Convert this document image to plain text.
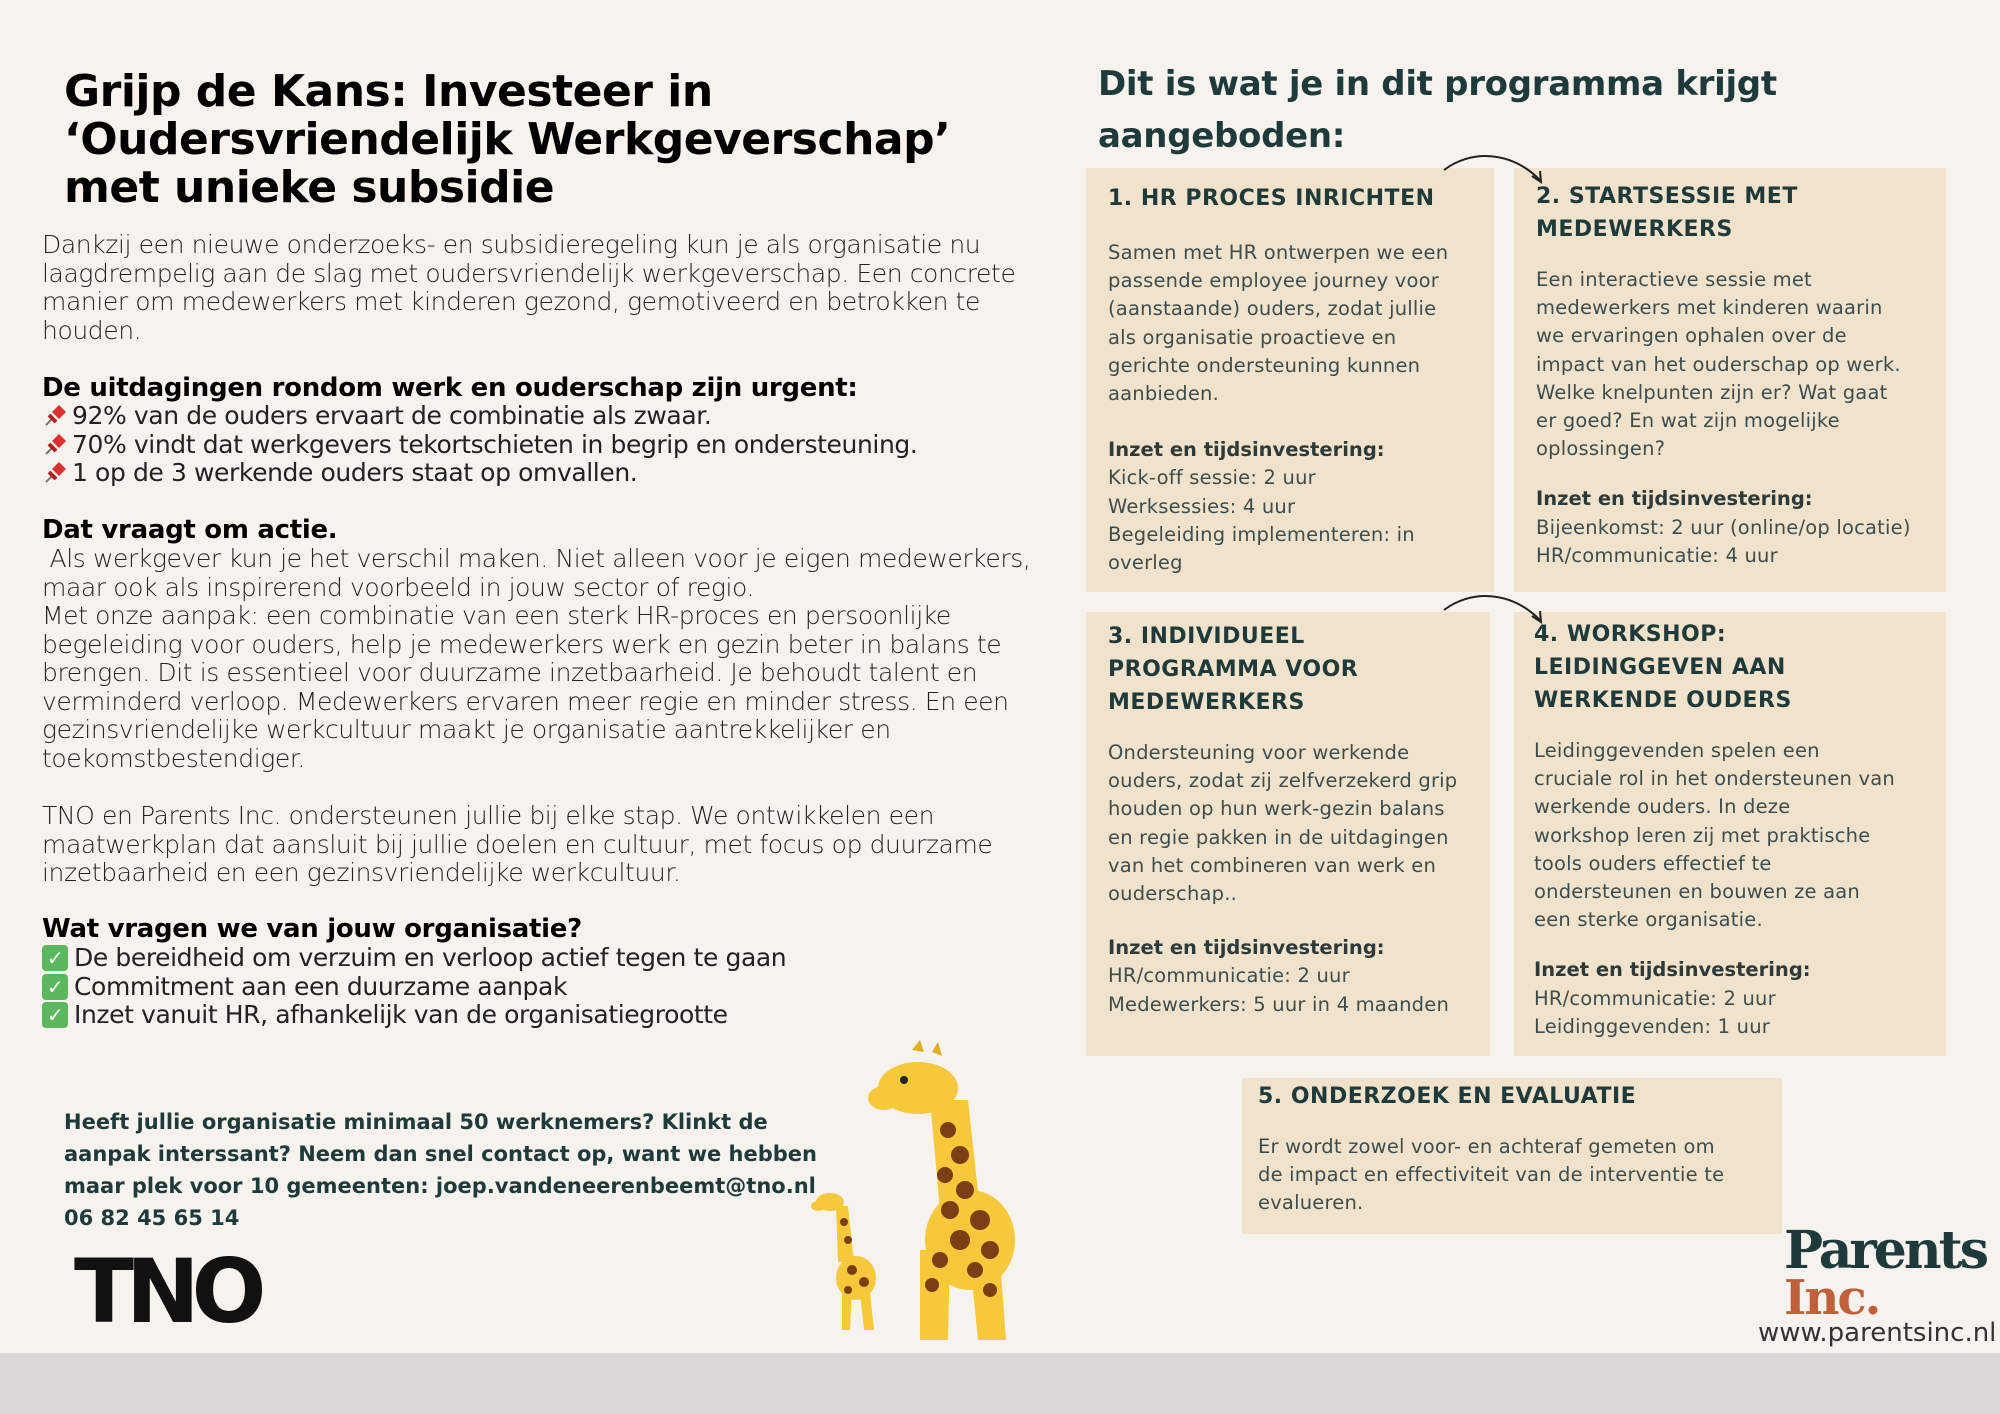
Grijp de Kans: Investeer in ‘Oudersvriendelijk Werkgeverschap’ met unieke subsidie
Dankzij een nieuwe onderzoeks- en subsidieregeling kun je als organisatie nu laagdrempelig aan de slag met oudersvriendelijk werkgeverschap. Een concrete manier om medewerkers met kinderen gezond, gemotiveerd en betrokken te houden.
De uitdagingen rondom werk en ouderschap zijn urgent:
92% van de ouders ervaart de combinatie als zwaar.
70% vindt dat werkgevers tekortschieten in begrip en ondersteuning.
1 op de 3 werkende ouders staat op omvallen.
Dat vraagt om actie.
Als werkgever kun je het verschil maken. Niet alleen voor je eigen medewerkers, maar ook als inspirerend voorbeeld in jouw sector of regio.
Met onze aanpak: een combinatie van een sterk HR-proces en persoonlijke begeleiding voor ouders, help je medewerkers werk en gezin beter in balans te brengen. Dit is essentieel voor duurzame inzetbaarheid. Je behoudt talent en verminderd verloop. Medewerkers ervaren meer regie en minder stress. En een gezinsvriendelijke werkcultuur maakt je organisatie aantrekkelijker en toekomstbestendiger.
TNO en Parents Inc. ondersteunen jullie bij elke stap. We ontwikkelen een maatwerkplan dat aansluit bij jullie doelen en cultuur, met focus op duurzame inzetbaarheid en een gezinsvriendelijke werkcultuur.
Wat vragen we van jouw organisatie?
✓ De bereidheid om verzuim en verloop actief tegen te gaan
✓ Commitment aan een duurzame aanpak
✓ Inzet vanuit HR, afhankelijk van de organisatiegrootte
Heeft jullie organisatie minimaal 50 werknemers? Klinkt de
aanpak interssant? Neem dan snel contact op, want we hebben
maar plek voor 10 gemeenten: joep.vandeneerenbeemt@tno.nl
06 82 45 65 14
TNO
Dit is wat je in dit programma krijgt
aangeboden:
1. HR PROCES INRICHTEN
Samen met HR ontwerpen we een
passende employee journey voor
(aanstaande) ouders, zodat jullie
als organisatie proactieve en
gerichte ondersteuning kunnen
aanbieden.
Inzet en tijdsinvestering:
Kick-off sessie: 2 uur
Werksessies: 4 uur
Begeleiding implementeren: in
overleg
2. STARTSESSIE MET
MEDEWERKERS
Een interactieve sessie met
medewerkers met kinderen waarin
we ervaringen ophalen over de
impact van het ouderschap op werk.
Welke knelpunten zijn er? Wat gaat
er goed? En wat zijn mogelijke
oplossingen?
Inzet en tijdsinvestering:
Bijeenkomst: 2 uur (online/op locatie)
HR/communicatie: 4 uur
3. INDIVIDUEEL
PROGRAMMA VOOR
MEDEWERKERS
Ondersteuning voor werkende
ouders, zodat zij zelfverzekerd grip
houden op hun werk-gezin balans
en regie pakken in de uitdagingen
van het combineren van werk en
ouderschap..
Inzet en tijdsinvestering:
HR/communicatie: 2 uur
Medewerkers: 5 uur in 4 maanden
4. WORKSHOP:
LEIDINGGEVEN AAN
WERKENDE OUDERS
Leidinggevenden spelen een
cruciale rol in het ondersteunen van
werkende ouders. In deze
workshop leren zij met praktische
tools ouders effectief te
ondersteunen en bouwen ze aan
een sterke organisatie.
Inzet en tijdsinvestering:
HR/communicatie: 2 uur
Leidinggevenden: 1 uur
5. ONDERZOEK EN EVALUATIE
Er wordt zowel voor- en achteraf gemeten om
de impact en effectiviteit van de interventie te
evalueren.
Parents
Inc.
www.parentsinc.nl
